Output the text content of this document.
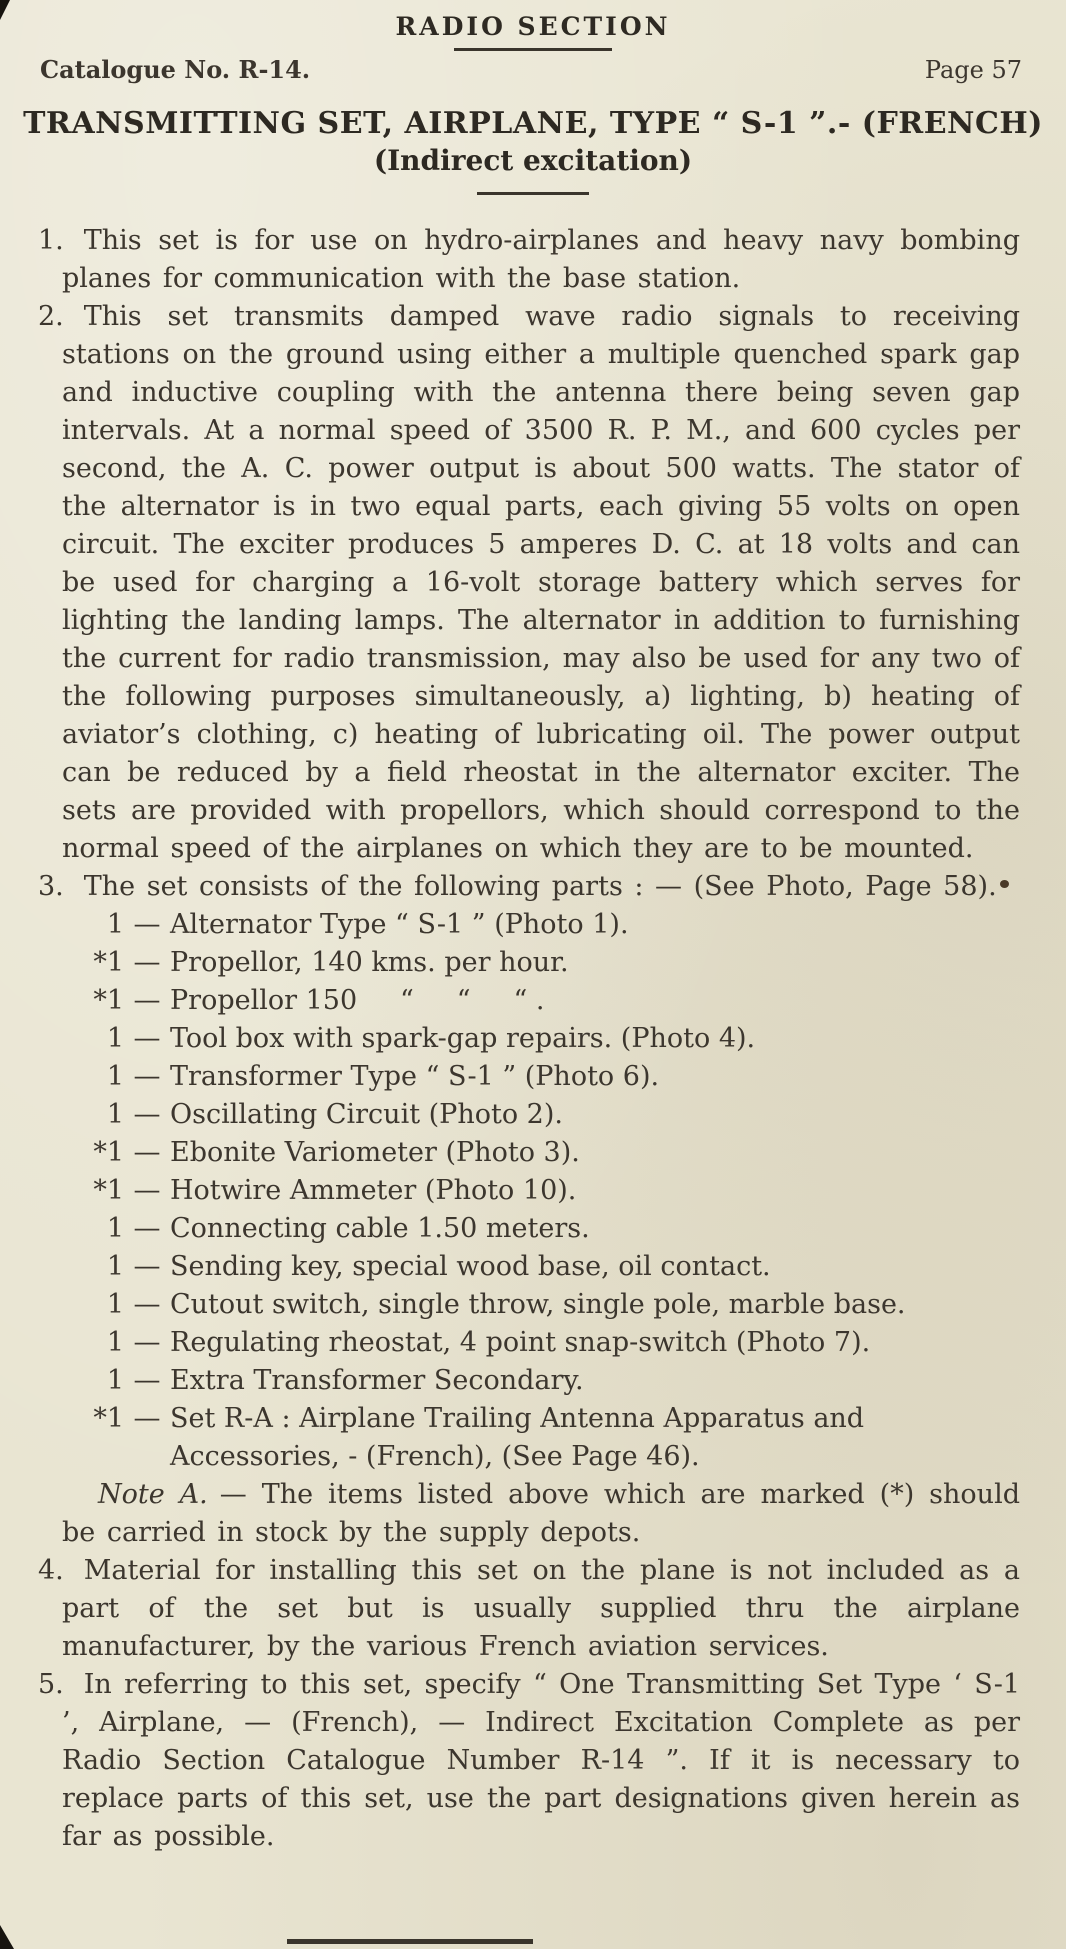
RADIO SECTION
Catalogue No. R-14.	Page 57
TRANSMITTING SET, AIRPLANE, TYPE “ S-1 ”.- (FRENCH)
(Indirect excitation)

1. This set is for use on hydro-airplanes and heavy navy bombing planes for communication with the base station.

2. This set transmits damped wave radio signals to receiving stations on the ground using either a multiple quenched spark gap and inductive coupling with the antenna there being seven gap intervals. At a normal speed of 3500 R. P. M., and 600 cycles per second, the A. C. power output is about 500 watts. The stator of the alternator is in two equal parts, each giving 55 volts on open circuit. The exciter produces 5 amperes D. C. at 18 volts and can be used for charging a 16-volt storage battery which serves for lighting the landing lamps. The alternator in addition to furnishing the current for radio transmission, may also be used for any two of the following purposes simultaneously, a) lighting, b) heating of aviator’s clothing, c) heating of lubricating oil. The power output can be reduced by a field rheostat in the alternator exciter. The sets are provided with propellors, which should correspond to the normal speed of the airplanes on which they are to be mounted.

3. The set consists of the following parts : — (See Photo, Page 58).

1 — Alternator Type “ S-1 ” (Photo 1).
*1 — Propellor, 140 kms. per hour.
*1 — Propellor 150     “     “     “ .
1 — Tool box with spark-gap repairs. (Photo 4).
1 — Transformer Type “ S-1 ” (Photo 6).
1 — Oscillating Circuit (Photo 2).
*1 — Ebonite Variometer (Photo 3).
*1 — Hotwire Ammeter (Photo 10).
1 — Connecting cable 1.50 meters.
1 — Sending key, special wood base, oil contact.
1 — Cutout switch, single throw, single pole, marble base.
1 — Regulating rheostat, 4 point snap-switch (Photo 7).
1 — Extra Transformer Secondary.
*1 — Set R-A : Airplane Trailing Antenna Apparatus and Accessories, - (French), (See Page 46).

Note A. — The items listed above which are marked (*) should be carried in stock by the supply depots.

4. Material for installing this set on the plane is not included as a part of the set but is usually supplied thru the airplane manufacturer, by the various French aviation services.

5. In referring to this set, specify “ One Transmitting Set Type ‘ S-1 ’, Airplane, — (French), — Indirect Excitation Complete as per Radio Section Catalogue Number R-14 ”. If it is necessary to replace parts of this set, use the part designations given herein as far as possible.
